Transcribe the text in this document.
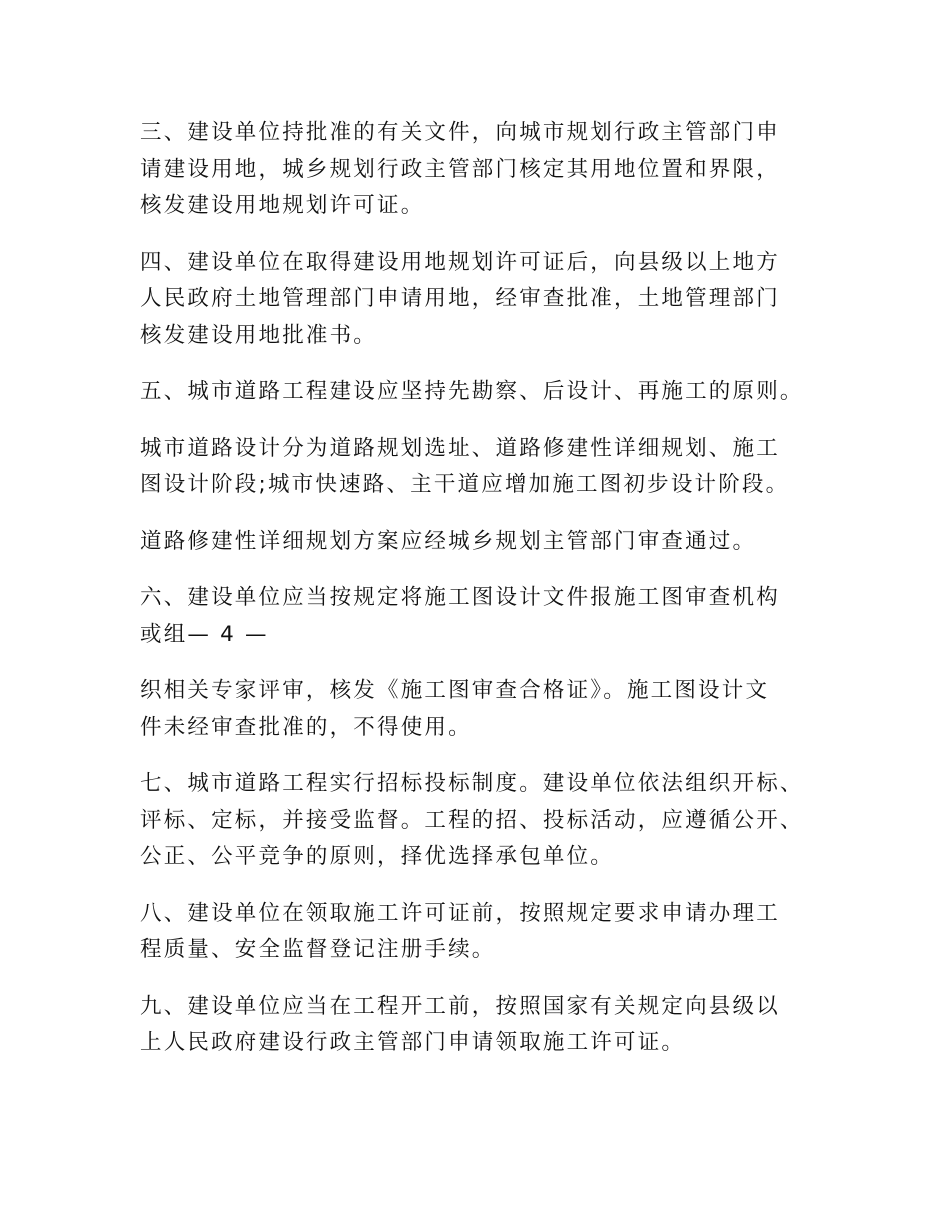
三、建设单位持批准的有关文件，向城市规划行政主管部门申
请建设用地，城乡规划行政主管部门核定其用地位置和界限，
核发建设用地规划许可证。

四、建设单位在取得建设用地规划许可证后，向县级以上地方
人民政府土地管理部门申请用地，经审查批准，土地管理部门
核发建设用地批准书。

五、城市道路工程建设应坚持先勘察、后设计、再施工的原则。

城市道路设计分为道路规划选址、道路修建性详细规划、施工
图设计阶段;城市快速路、主干道应增加施工图初步设计阶段。

道路修建性详细规划方案应经城乡规划主管部门审查通过。

六、建设单位应当按规定将施工图设计文件报施工图审查机构
或组— 4 —

织相关专家评审，核发《施工图审查合格证》。施工图设计文
件未经审查批准的，不得使用。

七、城市道路工程实行招标投标制度。建设单位依法组织开标、
评标、定标，并接受监督。工程的招、投标活动，应遵循公开、
公正、公平竞争的原则，择优选择承包单位。

八、建设单位在领取施工许可证前，按照规定要求申请办理工
程质量、安全监督登记注册手续。

九、建设单位应当在工程开工前，按照国家有关规定向县级以
上人民政府建设行政主管部门申请领取施工许可证。
